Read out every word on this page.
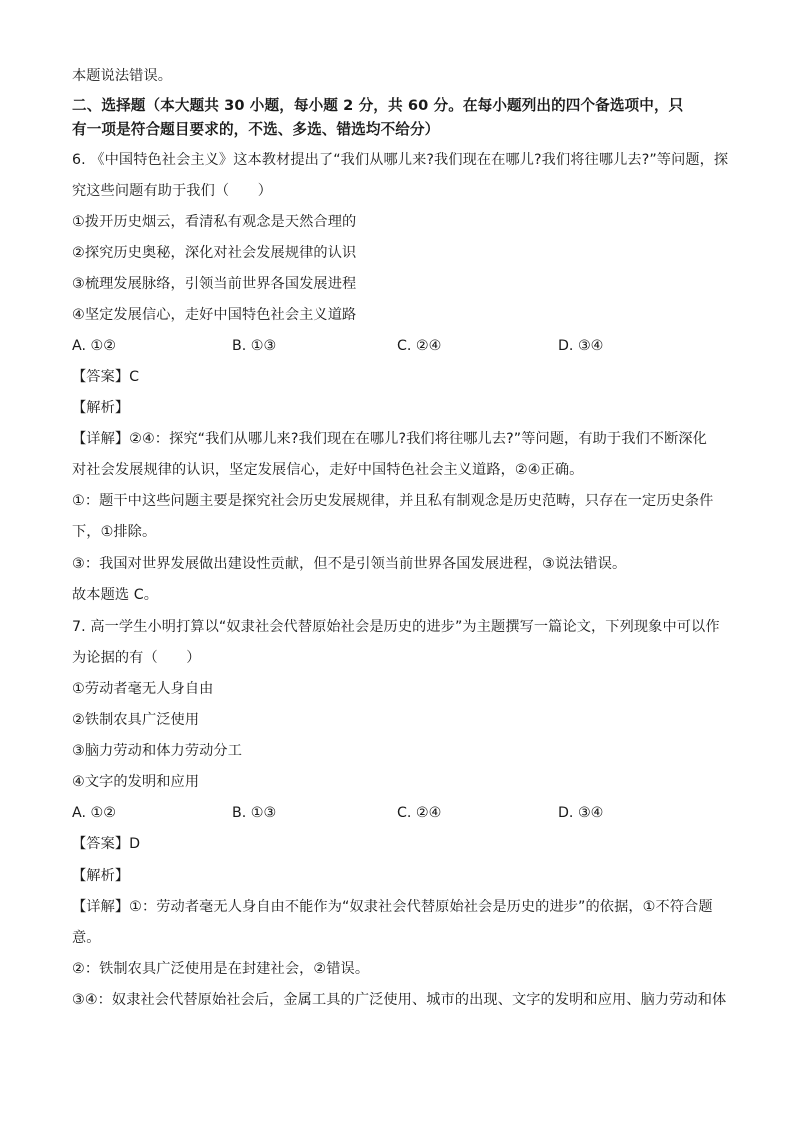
本题说法错误。
二、选择题（本大题共 30 小题，每小题 2 分，共 60 分。在每小题列出的四个备选项中，只
有一项是符合题目要求的，不选、多选、错选均不给分）
6. 《中国特色社会主义》这本教材提出了“我们从哪儿来?我们现在在哪儿?我们将往哪儿去?”等问题，探
究这些问题有助于我们（　　）
①拨开历史烟云，看清私有观念是天然合理的
②探究历史奥秘，深化对社会发展规律的认识
③梳理发展脉络，引领当前世界各国发展进程
④坚定发展信心，走好中国特色社会主义道路
A. ①②	B. ①③	C. ②④	D. ③④
【答案】C
【解析】
【详解】②④：探究“我们从哪儿来?我们现在在哪儿?我们将往哪儿去?”等问题，有助于我们不断深化
对社会发展规律的认识，坚定发展信心，走好中国特色社会主义道路，②④正确。
①：题干中这些问题主要是探究社会历史发展规律，并且私有制观念是历史范畴，只存在一定历史条件
下，①排除。
③：我国对世界发展做出建设性贡献，但不是引领当前世界各国发展进程，③说法错误。
故本题选 C。
7. 高一学生小明打算以“奴隶社会代替原始社会是历史的进步”为主题撰写一篇论文，下列现象中可以作
为论据的有（　　）
①劳动者毫无人身自由
②铁制农具广泛使用
③脑力劳动和体力劳动分工
④文字的发明和应用
A. ①②	B. ①③	C. ②④	D. ③④
【答案】D
【解析】
【详解】①：劳动者毫无人身自由不能作为“奴隶社会代替原始社会是历史的进步”的依据，①不符合题
意。
②：铁制农具广泛使用是在封建社会，②错误。
③④：奴隶社会代替原始社会后，金属工具的广泛使用、城市的出现、文字的发明和应用、脑力劳动和体
